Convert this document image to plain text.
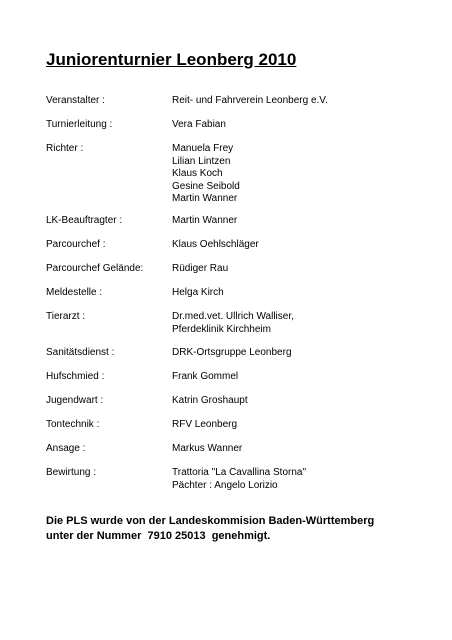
Juniorenturnier Leonberg 2010
Veranstalter :	Reit- und Fahrverein Leonberg e.V.
Turnierleitung :	Vera Fabian
Richter :	Manuela Frey
Lilian Lintzen
Klaus Koch
Gesine Seibold
Martin Wanner
LK-Beauftragter :	Martin Wanner
Parcourchef :	Klaus Oehlschläger
Parcourchef Gelände:	Rüdiger Rau
Meldestelle :	Helga Kirch
Tierarzt :	Dr.med.vet. Ullrich Walliser,
Pferdeklinik Kirchheim
Sanitätsdienst :	DRK-Ortsgruppe Leonberg
Hufschmied :	Frank Gommel
Jugendwart :	Katrin Groshaupt
Tontechnik :	RFV Leonberg
Ansage :	Markus Wanner
Bewirtung :	Trattoria "La Cavallina Storna"
Pächter : Angelo Lorizio
Die PLS wurde von der Landeskommision Baden-Württemberg
unter der Nummer  7910 25013  genehmigt.
